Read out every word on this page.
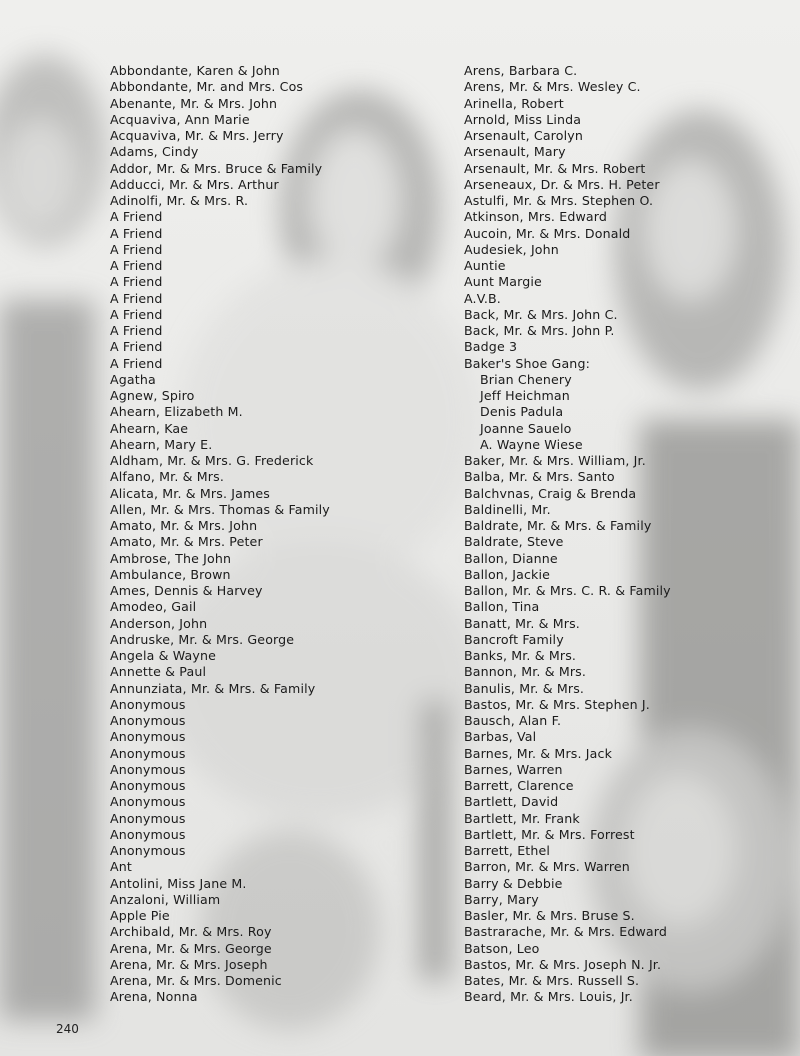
Abbondante, Karen & John
Abbondante, Mr. and Mrs. Cos
Abenante, Mr. & Mrs. John
Acquaviva, Ann Marie
Acquaviva, Mr. & Mrs. Jerry
Adams, Cindy
Addor, Mr. & Mrs. Bruce & Family
Adducci, Mr. & Mrs. Arthur
Adinolfi, Mr. & Mrs. R.
A Friend
A Friend
A Friend
A Friend
A Friend
A Friend
A Friend
A Friend
A Friend
A Friend
Agatha
Agnew, Spiro
Ahearn, Elizabeth M.
Ahearn, Kae
Ahearn, Mary E.
Aldham, Mr. & Mrs. G. Frederick
Alfano, Mr. & Mrs.
Alicata, Mr. & Mrs. James
Allen, Mr. & Mrs. Thomas & Family
Amato, Mr. & Mrs. John
Amato, Mr. & Mrs. Peter
Ambrose, The John
Ambulance, Brown
Ames, Dennis & Harvey
Amodeo, Gail
Anderson, John
Andruske, Mr. & Mrs. George
Angela & Wayne
Annette & Paul
Annunziata, Mr. & Mrs. & Family
Anonymous
Anonymous
Anonymous
Anonymous
Anonymous
Anonymous
Anonymous
Anonymous
Anonymous
Anonymous
Ant
Antolini, Miss Jane M.
Anzaloni, William
Apple Pie
Archibald, Mr. & Mrs. Roy
Arena, Mr. & Mrs. George
Arena, Mr. & Mrs. Joseph
Arena, Mr. & Mrs. Domenic
Arena, Nonna
Arens, Barbara C.
Arens, Mr. & Mrs. Wesley C.
Arinella, Robert
Arnold, Miss Linda
Arsenault, Carolyn
Arsenault, Mary
Arsenault, Mr. & Mrs. Robert
Arseneaux, Dr. & Mrs. H. Peter
Astulfi, Mr. & Mrs. Stephen O.
Atkinson, Mrs. Edward
Aucoin, Mr. & Mrs. Donald
Audesiek, John
Auntie
Aunt Margie
A.V.B.
Back, Mr. & Mrs. John C.
Back, Mr. & Mrs. John P.
Badge 3
Baker's Shoe Gang:
Brian Chenery
Jeff Heichman
Denis Padula
Joanne Sauelo
A. Wayne Wiese
Baker, Mr. & Mrs. William, Jr.
Balba, Mr. & Mrs. Santo
Balchvnas, Craig & Brenda
Baldinelli, Mr.
Baldrate, Mr. & Mrs. & Family
Baldrate, Steve
Ballon, Dianne
Ballon, Jackie
Ballon, Mr. & Mrs. C. R. & Family
Ballon, Tina
Banatt, Mr. & Mrs.
Bancroft Family
Banks, Mr. & Mrs.
Bannon, Mr. & Mrs.
Banulis, Mr. & Mrs.
Bastos, Mr. & Mrs. Stephen J.
Bausch, Alan F.
Barbas, Val
Barnes, Mr. & Mrs. Jack
Barnes, Warren
Barrett, Clarence
Bartlett, David
Bartlett, Mr. Frank
Bartlett, Mr. & Mrs. Forrest
Barrett, Ethel
Barron, Mr. & Mrs. Warren
Barry & Debbie
Barry, Mary
Basler, Mr. & Mrs. Bruse S.
Bastrarache, Mr. & Mrs. Edward
Batson, Leo
Bastos, Mr. & Mrs. Joseph N. Jr.
Bates, Mr. & Mrs. Russell S.
Beard, Mr. & Mrs. Louis, Jr.
240
